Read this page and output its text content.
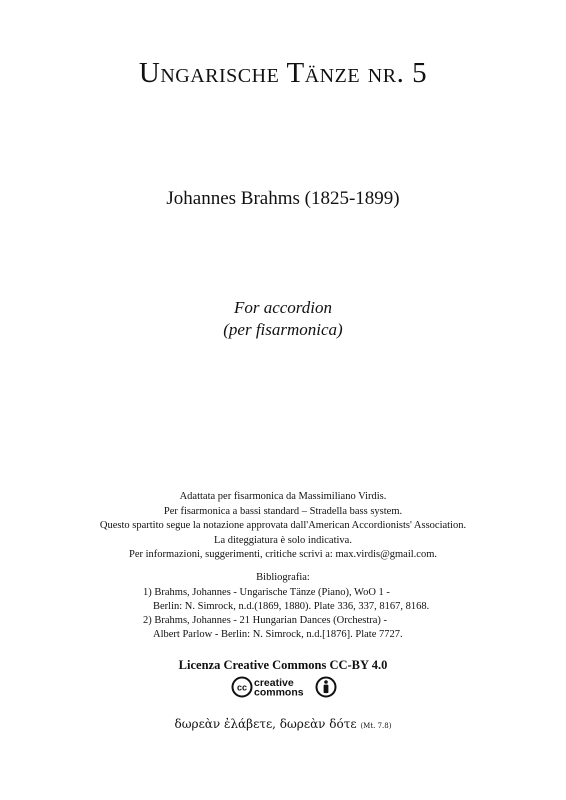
Ungarische Tänze nr. 5
Johannes Brahms (1825-1899)
For accordion
(per fisarmonica)
Adattata per fisarmonica da Massimiliano Virdis.
Per fisarmonica a bassi standard – Stradella bass system.
Questo spartito segue la notazione approvata dall'American Accordionists' Association.
La diteggiatura è solo indicativa.
Per informazioni, suggerimenti, critiche scrivi a: max.virdis@gmail.com.
Bibliografia:
1) Brahms, Johannes - Ungarische Tänze (Piano), WoO 1 -
Berlin: N. Simrock, n.d.(1869, 1880). Plate 336, 337, 8167, 8168.
2) Brahms, Johannes - 21 Hungarian Dances (Orchestra) -
Albert Parlow - Berlin: N. Simrock, n.d.[1876]. Plate 7727.
Licenza Creative Commons CC-BY 4.0
cc creative
commons
δωρεὰν ἐλάβετε, δωρεὰν δότε (Mt. 7.8)
